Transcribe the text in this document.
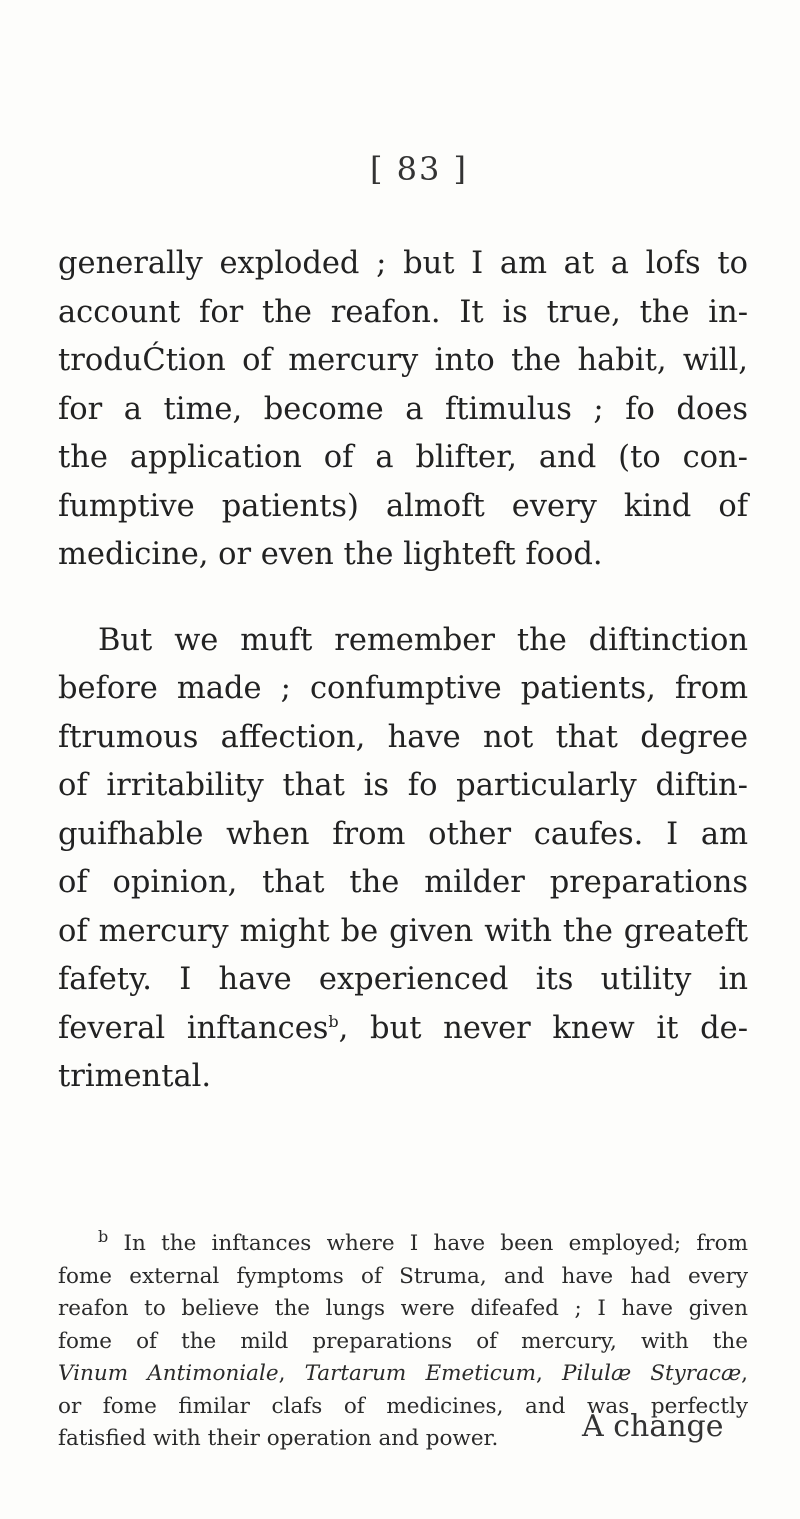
[ 83 ]
generally exploded ; but I am at a lofs to
account for the reafon. It is true, the in-
troduĆtion of mercury into the habit, will,
for a time, become a ftimulus ; fo does
the application of a blifter, and (to con-
fumptive patients) almoft every kind of
medicine, or even the lighteft food.
But we muft remember the diftinction
before made ; confumptive patients, from
ftrumous affection, have not that degree
of irritability that is fo particularly diftin-
guifhable when from other caufes. I am
of opinion, that the milder preparations
of mercury might be given with the greateft
fafety. I have experienced its utility in
feveral inftances$^b$, but never knew it de-
trimental.
$^b$ In the inftances where I have been employed; from
fome external fymptoms of Struma, and have had every
reafon to believe the lungs were difeafed ; I have given
fome of the mild preparations of mercury, with the
Vinum Antimoniale, Tartarum Emeticum, Pilulæ Styracæ,
or fome fimilar clafs of medicines, and was perfectly
fatisfied with their operation and power.	A change
